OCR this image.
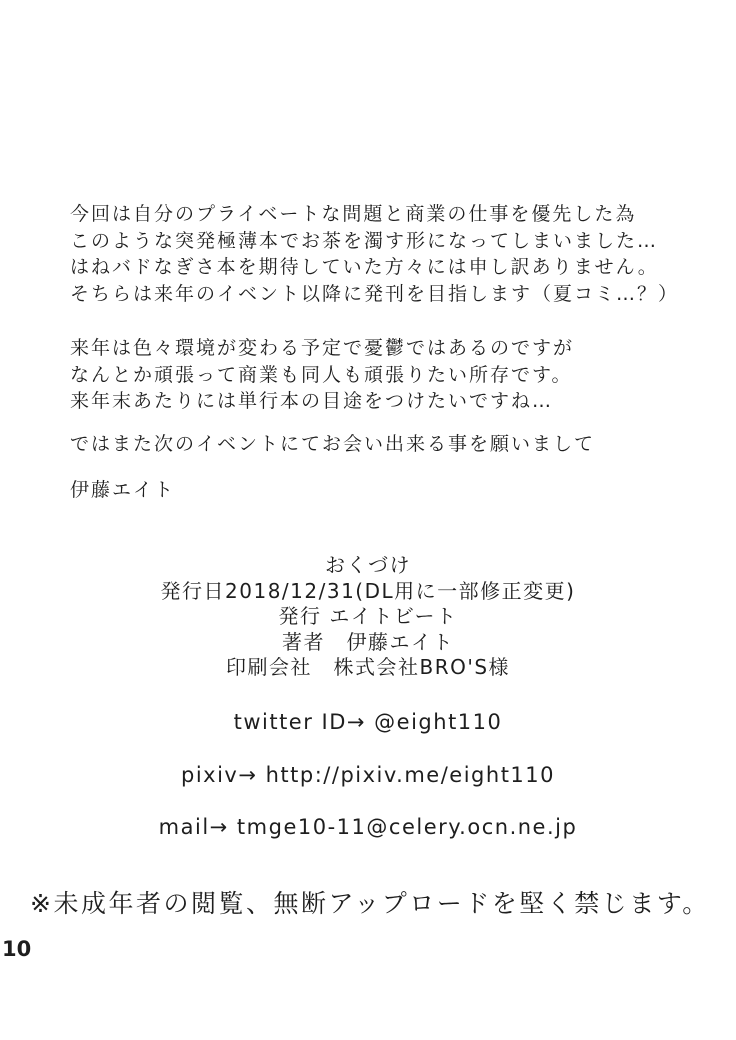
今回は自分のプライベートな問題と商業の仕事を優先した為
このような突発極薄本でお茶を濁す形になってしまいました…
はねバドなぎさ本を期待していた方々には申し訳ありません。
そちらは来年のイベント以降に発刊を目指します（夏コミ…？）
来年は色々環境が変わる予定で憂鬱ではあるのですが
なんとか頑張って商業も同人も頑張りたい所存です。
来年末あたりには単行本の目途をつけたいですね…
ではまた次のイベントにてお会い出来る事を願いまして
伊藤エイト
おくづけ
発行日2018/12/31(DL用に一部修正変更)
発行 エイトビート
著者　伊藤エイト
印刷会社　株式会社BRO'S様
twitter ID→ @eight110
pixiv→ http://pixiv.me/eight110
mail→ tmge10-11@celery.ocn.ne.jp
※未成年者の閲覧、無断アップロードを堅く禁じます。
10
